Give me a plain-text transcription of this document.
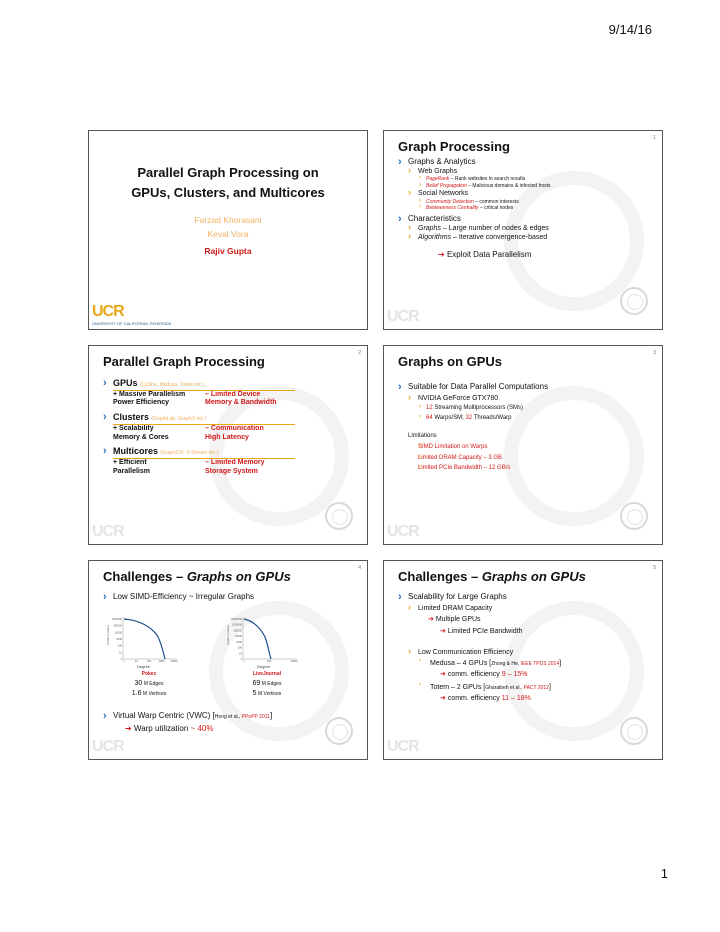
9/14/16
Parallel Graph Processing on
GPUs, Clusters, and Multicores
Farzad Khorasani
Keval Vora
Rajiv Gupta
UCR
UNIVERSITY OF CALIFORNIA, RIVERSIDE
1
Graph Processing
› Graphs & Analytics
› Web Graphs
› PageRank – Rank websites in search results
› Belief Propagation – Malicious domains & infected hosts
› Social Networks
› Community Detection – common interests
› Betweenness Centrality – critical nodes
› Characteristics
› Graphs – Large number of nodes & edges
› Algorithms – Iterative convergence-based
➔ Exploit Data Parallelism
UCR
2
Parallel Graph Processing
› GPUs (CuSha, Medusa, Totem etc.)
+ Massive Parallelism	– Limited Device
Power Efficiency	Memory & Bandwidth
› Clusters (GraphLab, GraphX etc.)
+ Scalability	– Communication
Memory & Cores	High Latency
› Multicores (GraphChi, X-Stream etc.)
+ Efficient	– Limited Memory
Parallelism	Storage System
UCR
3
Graphs on GPUs
› Suitable for Data Parallel Computations
› NVIDIA GeForce GTX780
› 12 Streaming Multiprocessors (SMs)
› 64 Warps/SM; 32 Threads/Warp
Limitations
› SIMD Limitation on Warps
› Limited DRAM Capacity – 3 GB
› Limited PCIe Bandwidth – 12 GB/s
UCR
4
Challenges – Graphs on GPUs
› Low SIMD-Efficiency ~ Irregular Graphs
1000000
100000
10000
1000
100
10
1
1	10	100	1000 10000
Number of vertices
10000000
1000000
100000
10000
1000
100
10
1
1	100	10000
Number of vertices
Degree	Degree
Pokec
30 M Edges
1.6 M Vertices
LiveJournal
69 M Edges
5 M Vertices
› Virtual Warp Centric (VWC) [Hong et al., PPoPP 2011]
➔ Warp utilization ~ 40%
UCR
5
Challenges – Graphs on GPUs
› Scalability for Large Graphs
› Limited DRAM Capacity
➔ Multiple GPUs
➔ Limited PCIe Bandwidth
› Low Communication Efficiency
› Medusa – 4 GPUs [Zhong & He, IEEE TPDS 2014]
➔ comm. efficiency 9 – 15%
› Totem – 2 GPUs [Gharaibeh et al., PACT 2012]
➔ comm. efficiency 11 – 18%
UCR
1
